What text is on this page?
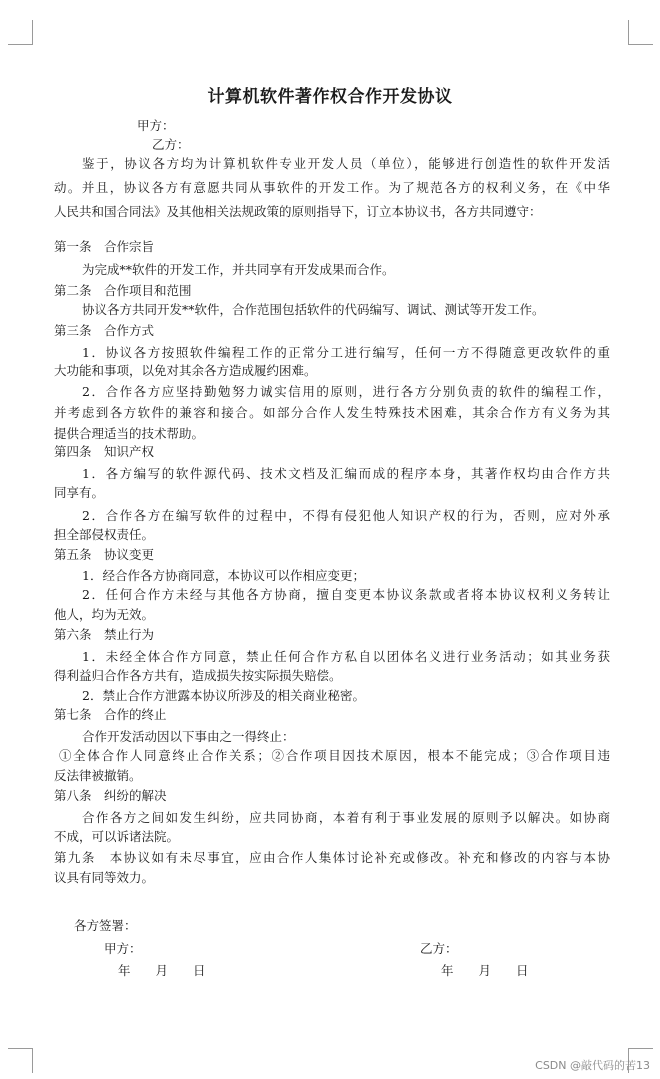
计算机软件著作权合作开发协议
甲方：
乙方：
鉴于，协议各方均为计算机软件专业开发人员（单位），能够进行创造性的软件开发活
动。并且，协议各方有意愿共同从事软件的开发工作。为了规范各方的权利义务，在《中华
人民共和国合同法》及其他相关法规政策的原则指导下，订立本协议书，各方共同遵守：
第一条　合作宗旨
为完成**软件的开发工作，并共同享有开发成果而合作。
第二条　合作项目和范围
协议各方共同开发**软件，合作范围包括软件的代码编写、调试、测试等开发工作。
第三条　合作方式
1．协议各方按照软件编程工作的正常分工进行编写，任何一方不得随意更改软件的重
大功能和事项，以免对其余各方造成履约困难。
2．合作各方应坚持勤勉努力诚实信用的原则，进行各方分别负责的软件的编程工作，
并考虑到各方软件的兼容和接合。如部分合作人发生特殊技术困难，其余合作方有义务为其
提供合理适当的技术帮助。
第四条　知识产权
1．各方编写的软件源代码、技术文档及汇编而成的程序本身，其著作权均由合作方共
同享有。
2．合作各方在编写软件的过程中，不得有侵犯他人知识产权的行为，否则，应对外承
担全部侵权责任。
第五条　协议变更
1．经合作各方协商同意，本协议可以作相应变更；
2．任何合作方未经与其他各方协商，擅自变更本协议条款或者将本协议权利义务转让
他人，均为无效。
第六条　禁止行为
1．未经全体合作方同意，禁止任何合作方私自以团体名义进行业务活动；如其业务获
得利益归合作各方共有，造成损失按实际损失赔偿。
2．禁止合作方泄露本协议所涉及的相关商业秘密。
第七条　合作的终止
合作开发活动因以下事由之一得终止：
①全体合作人同意终止合作关系；②合作项目因技术原因，根本不能完成；③合作项目违
反法律被撤销。
第八条　纠纷的解决
合作各方之间如发生纠纷，应共同协商，本着有利于事业发展的原则予以解决。如协商
不成，可以诉诸法院。
第九条　本协议如有未尽事宜，应由合作人集体讨论补充或修改。补充和修改的内容与本协
议具有同等效力。
各方签署：
甲方：	乙方：
年　　月　　日	年　　月　　日
CSDN @敲代码的苦13
